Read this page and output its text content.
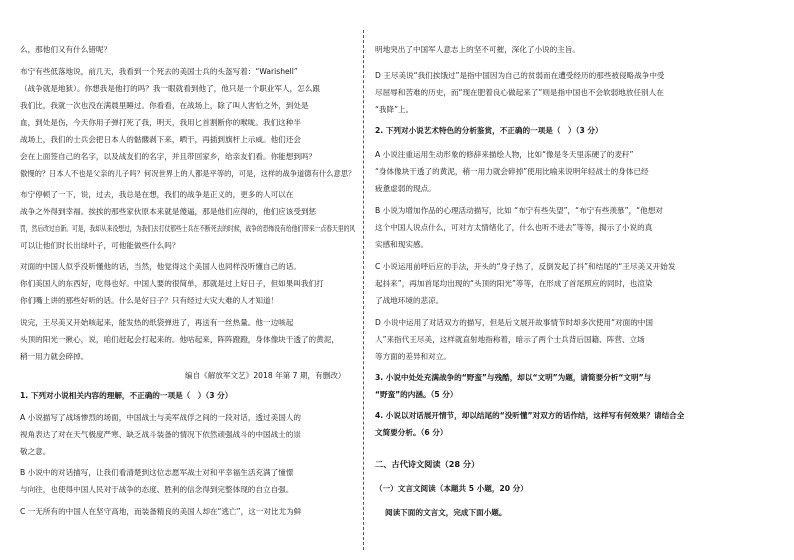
么，那他们又有什么错呢？
布宁有些低落地说，前几天，我看到一个死去的美国士兵的头盔写着：“Warishell”
（战争就是地狱）。你想我是他打的吗？我一眼就看到他了，他只是一个职业军人，怎么跟
我们比，我就一次也没在满晨里睡过。你看看，在战场上，除了叫人害怕之外，到处是
血，到处是伤，今天你用子弹打死了我，明天，我用匕首割断你的喉咙。我们这种半
战场上，我们的士兵会把日本人的骷髅剥下来，晒干，再插到旗杆上示威。他们还会
会在上面签自己的名字，以及战友们的名字，并且带回家乡，给亲友们看。你能想到吗？
傲慢的？日本人不也是父亲的儿子吗？何况世界上的人都是平等的，可是，这样的战争道德有什么意思？
布宁停顿了一下，说，过去，我总是在想，我们的战争是正义的，更多的人可以在
战争之外得到幸福。挨挨的那些家伙原本来就是傻逼，那是他们应得的，他们应该受到惩
罚，然后改过自新。可是，我却从来没想过，为我们去打仗那些士兵在不断死去的时候，战争的恐怖没有给他们带来一点春天里的风
可以让他们时长出绿叶子，可他能做些什么吗？
对面的中国人似乎没听懂他的话，当然，他觉得这个美国人也同样没听懂自己的话。
你们美国人的东西好，吃得也好。中国人要的很简单，那就是过上好日子，但如果叫我们打
你们嘴上讲的那些好听的话。什么是好日子？只有经过大灾大难的人才知道！
说完，王尽美又开始咳起来，能发热的纸袋弹进了，再送有一丝热量。他一边咳起
头顶的阳光一揪心，说，咱们赶起会打起来的。他咕起来，阵阵蹬蹬，身体像块干透了的黄泥，
稍一用力就会碎掉。
编自《解放军文艺》2018 年第 7 期，有删改）
1. 下列对小说相关内容的理解，不正确的一项是（　）（3 分）
A 小说描写了战场惨烈的场面，中国战士与美军战俘之间的一段对话，透过美国人的
视角表达了对在天气极度严寒、缺乏战斗装备的情况下依然顽强战斗的中国战士的崇
敬之意。
B 小说中的对话描写，让我们看清楚到这位志愿军战士对和平幸福生活充满了憧憬
与向往，也使得中国人民对于战争的态度、胜利的信念得到完整体现的自立自强。
C 一无所有的中国人在坚守高地，而装备精良的美国人却在“逃亡”，这一对比尤为鲜
明地突出了中国军人意志上的坚不可摧，深化了小说的主旨。
D 王尽美说“我们挨饿过”是指中国因为自己的贫弱而在遭受经历的那些被侵略战争中受
尽屈辱和苦难的历史，而“现在肥着良心做起来了”则是指中国也不会软弱地放任别人在
“我降”上。
2. 下列对小说艺术特色的分析鉴赏，不正确的一项是（　）（3 分）
A 小说注重运用生动形象的修辞来描绘人物，比如“像是冬天里冻硬了的麦秆”
“身体像块干透了的黄泥，稍一用力就会碎掉”使用比喻来说明年轻战士的身体已经
疲惫虚弱的现点。
B 小说为增加作品的心理活动描写，比如 “布宁有些失望”，“布宁有些羡慕”，“他想对
这个中国人说点什么，可对方太情绪化了，什么也听不进去”等等，揭示了小说的真
实感和现实感。
C 小说运用前呼后应的手法，开头的“身子热了，反倒发起了抖”和结尾的“王尽美又开始发
起抖来”，再加首尾均出现的“头顶的阳光”等等，在形成了首尾照应的同时，也渲染
了战地环境的悲凉。
D 小说中运用了对话双方的描写，但是后文展开故事情节时却多次使用“对面的中国
人”来指代王尽美，这样就直射地指称着，暗示了两个士兵背后国籍、阵营、立场
等方面的差异和对立。
3. 小说中处处充满战争的“野蛮”与残酷，却以“文明”为题，请简要分析“文明”与
“野蛮”的内涵。（5 分）
4. 小说以对话展开情节，却以结尾的“没听懂”对双方的话作结，这样写有何效果？请结合全
文简要分析。（6 分）
二、古代诗文阅读（28 分）
（一）文言文阅读（本题共 5 小题，20 分）
阅读下面的文言文，完成下面小题。
